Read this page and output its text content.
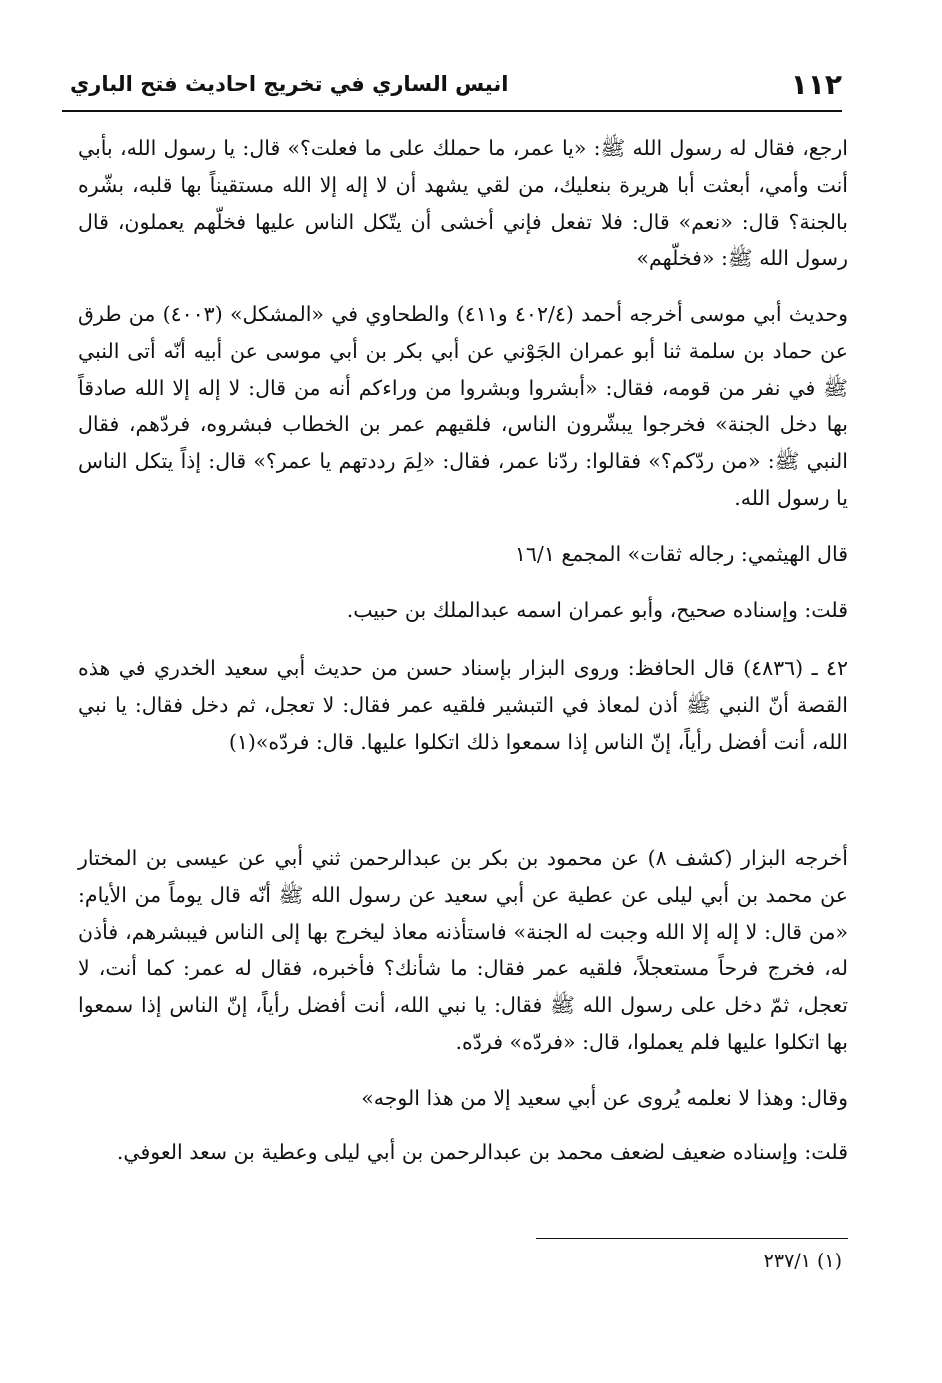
انيس الساري في تخريج احاديث فتح الباري	١١٢

ارجع، فقال له رسول الله ﷺ: «يا عمر، ما حملك على ما فعلت؟» قال: يا رسول الله، بأبي أنت وأمي، أبعثت أبا هريرة بنعليك، من لقي يشهد أن لا إله إلا الله مستقيناً بها قلبه، بشّره بالجنة؟ قال: «نعم» قال: فلا تفعل فإني أخشى أن يتّكل الناس عليها فخلّهم يعملون، قال رسول الله ﷺ: «فخلّهم»

وحديث أبي موسى أخرجه أحمد (٤٠٢/٤ و٤١١) والطحاوي في «المشكل» (٤٠٠٣) من طرق عن حماد بن سلمة ثنا أبو عمران الجَوْني عن أبي بكر بن أبي موسى عن أبيه أنّه أتى النبي ﷺ في نفر من قومه، فقال: «أبشروا وبشروا من وراءكم أنه من قال: لا إله إلا الله صادقاً بها دخل الجنة» فخرجوا يبشّرون الناس، فلقيهم عمر بن الخطاب فبشروه، فردّهم، فقال النبي ﷺ: «من ردّكم؟» فقالوا: ردّنا عمر، فقال: «لِمَ رددتهم يا عمر؟» قال: إذاً يتكل الناس يا رسول الله.

قال الهيثمي: رجاله ثقات» المجمع ١٦/١

قلت: وإسناده صحيح، وأبو عمران اسمه عبدالملك بن حبيب.

٤٢ ـ (٤٨٣٦) قال الحافظ: وروى البزار بإسناد حسن من حديث أبي سعيد الخدري في هذه القصة أنّ النبي ﷺ أذن لمعاذ في التبشير فلقيه عمر فقال: لا تعجل، ثم دخل فقال: يا نبي الله، أنت أفضل رأياً، إنّ الناس إذا سمعوا ذلك اتكلوا عليها. قال: فردّه»(١)

أخرجه البزار (كشف ٨) عن محمود بن بكر بن عبدالرحمن ثني أبي عن عيسى بن المختار عن محمد بن أبي ليلى عن عطية عن أبي سعيد عن رسول الله ﷺ أنّه قال يوماً من الأيام: «من قال: لا إله إلا الله وجبت له الجنة» فاستأذنه معاذ ليخرج بها إلى الناس فيبشرهم، فأذن له، فخرج فرحاً مستعجلاً، فلقيه عمر فقال: ما شأنك؟ فأخبره، فقال له عمر: كما أنت، لا تعجل، ثمّ دخل على رسول الله ﷺ فقال: يا نبي الله، أنت أفضل رأياً، إنّ الناس إذا سمعوا بها اتكلوا عليها فلم يعملوا، قال: «فردّه» فردّه.

وقال: وهذا لا نعلمه يُروى عن أبي سعيد إلا من هذا الوجه»

قلت: وإسناده ضعيف لضعف محمد بن عبدالرحمن بن أبي ليلى وعطية بن سعد العوفي.

(١) ٢٣٧/١
